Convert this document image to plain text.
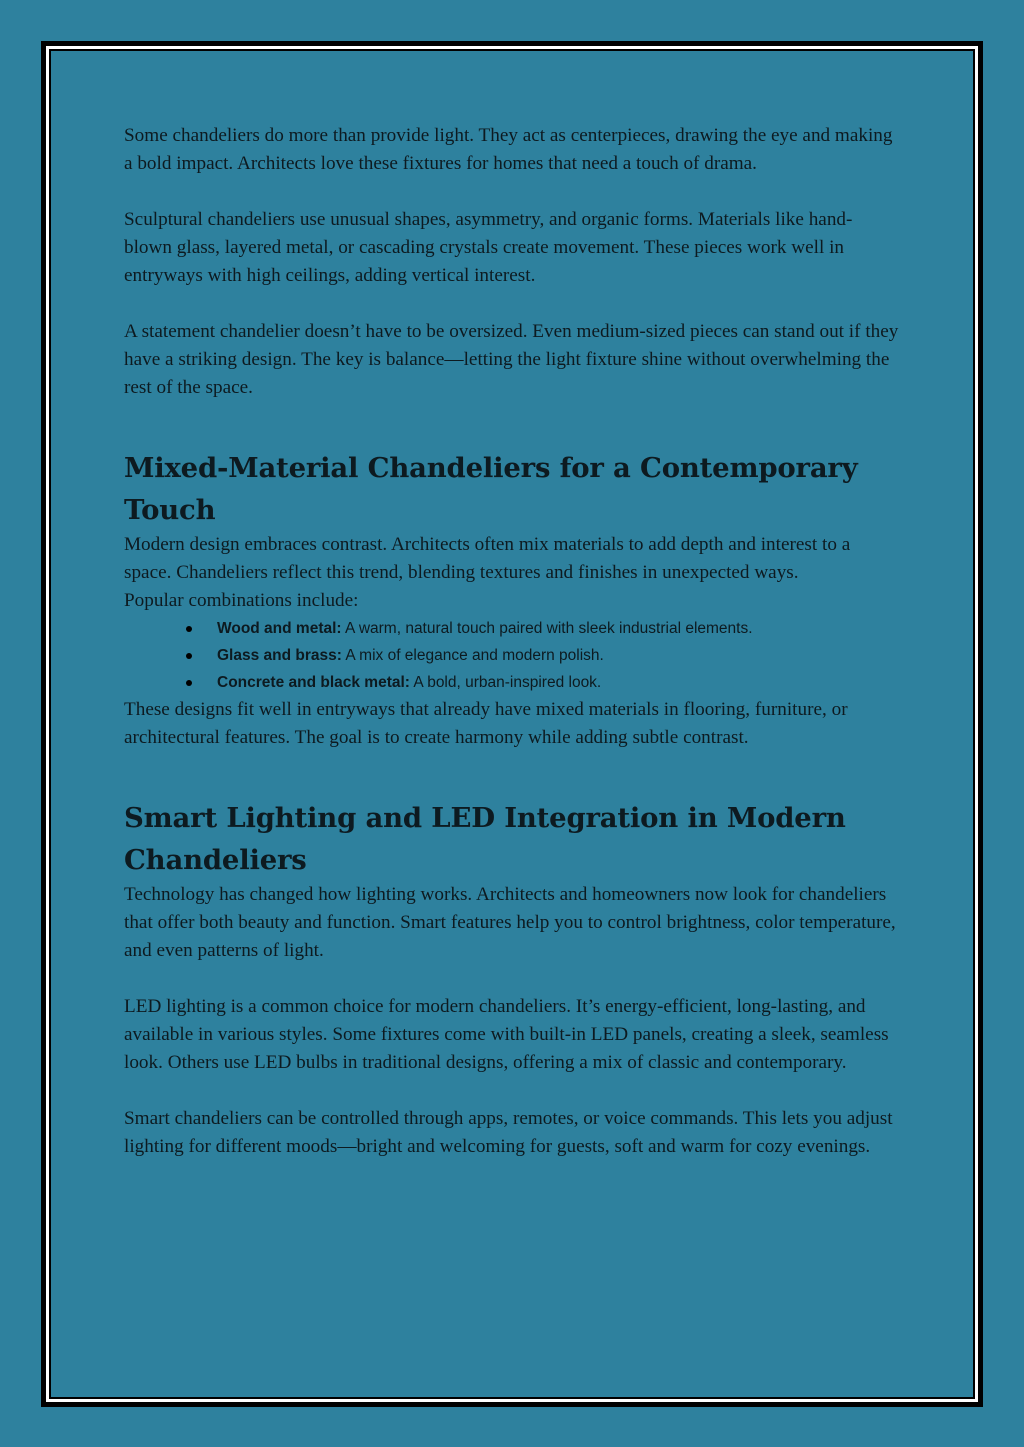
Some chandeliers do more than provide light. They act as centerpieces, drawing the eye and making a bold impact. Architects love these fixtures for homes that need a touch of drama.

Sculptural chandeliers use unusual shapes, asymmetry, and organic forms. Materials like hand-blown glass, layered metal, or cascading crystals create movement. These pieces work well in entryways with high ceilings, adding vertical interest.

A statement chandelier doesn’t have to be oversized. Even medium-sized pieces can stand out if they have a striking design. The key is balance—letting the light fixture shine without overwhelming the rest of the space.

Mixed-Material Chandeliers for a Contemporary Touch

Modern design embraces contrast. Architects often mix materials to add depth and interest to a space. Chandeliers reflect this trend, blending textures and finishes in unexpected ways.

Popular combinations include:

Wood and metal: A warm, natural touch paired with sleek industrial elements.
Glass and brass: A mix of elegance and modern polish.
Concrete and black metal: A bold, urban-inspired look.

These designs fit well in entryways that already have mixed materials in flooring, furniture, or architectural features. The goal is to create harmony while adding subtle contrast.

Smart Lighting and LED Integration in Modern Chandeliers

Technology has changed how lighting works. Architects and homeowners now look for chandeliers that offer both beauty and function. Smart features help you to control brightness, color temperature, and even patterns of light.

LED lighting is a common choice for modern chandeliers. It’s energy-efficient, long-lasting, and available in various styles. Some fixtures come with built-in LED panels, creating a sleek, seamless look. Others use LED bulbs in traditional designs, offering a mix of classic and contemporary.

Smart chandeliers can be controlled through apps, remotes, or voice commands. This lets you adjust lighting for different moods—bright and welcoming for guests, soft and warm for cozy evenings.
